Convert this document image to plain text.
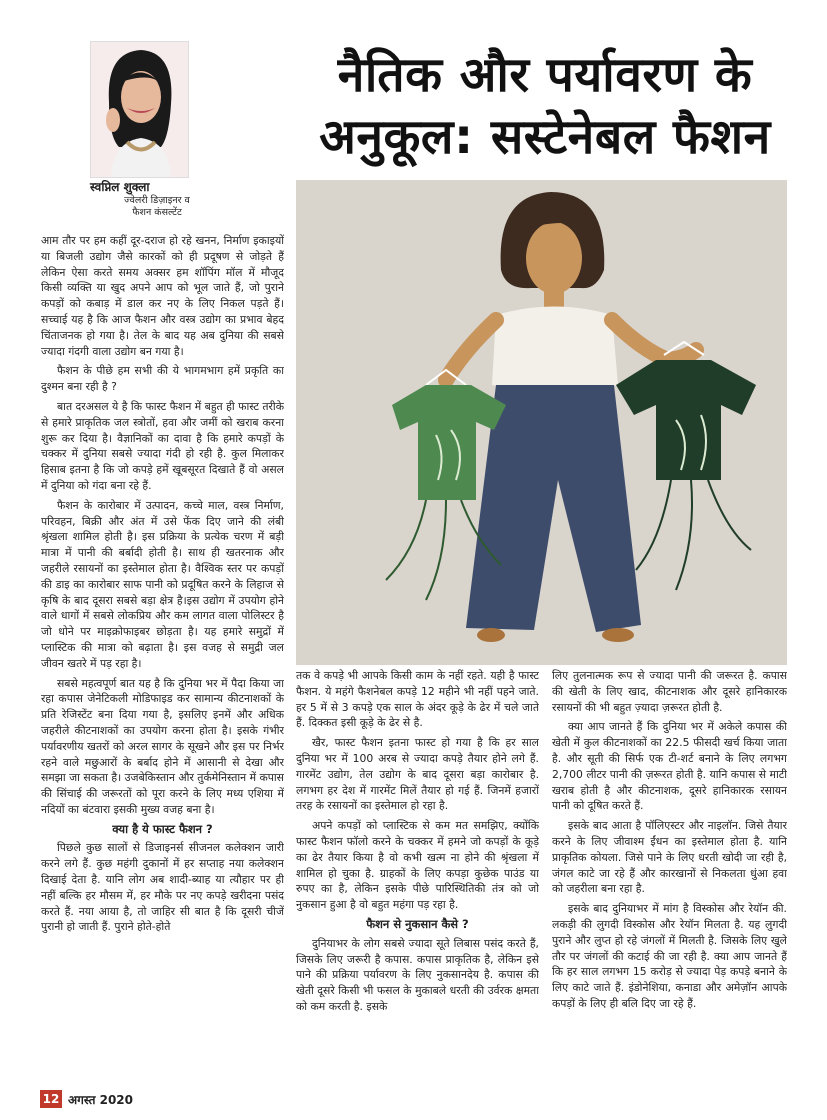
स्वप्निल शुक्ला
ज्वेलरी डिज़ाइनर व फैशन कंसल्टेंट
नैतिक और पर्यावरण के अनुकूल: सस्टेनेबल फैशन

आम तौर पर हम कहीं दूर-दराज हो रहे खनन, निर्माण इकाइयों या बिजली उद्योग जैसे कारकों को ही प्रदूषण से जोड़ते हैं लेकिन ऐसा करते समय अक्सर हम शॉपिंग मॉल में मौजूद किसी व्यक्ति या खुद अपने आप को भूल जाते हैं, जो पुराने कपड़ों को कबाड़ में डाल कर नए के लिए निकल पड़ते हैं। सच्चाई यह है कि आज फैशन और वस्त्र उद्योग का प्रभाव बेहद चिंताजनक हो गया है। तेल के बाद यह अब दुनिया की सबसे ज्यादा गंदगी वाला उद्योग बन गया है।

फैशन के पीछे हम सभी की ये भागमभाग हमें प्रकृति का दुश्मन बना रही है ?

बात दरअसल ये है कि फास्ट फैशन में बहुत ही फास्ट तरीके से हमारे प्राकृतिक जल स्त्रोतों, हवा और जमीं को खराब करना शुरू कर दिया है। वैज्ञानिकों का दावा है कि हमारे कपड़ों के चक्कर में दुनिया सबसे ज्यादा गंदी हो रही है. कुल मिलाकर हिसाब इतना है कि जो कपड़े हमें खूबसूरत दिखाते हैं वो असल में दुनिया को गंदा बना रहे हैं.

फैशन के कारोबार में उत्पादन, कच्चे माल, वस्त्र निर्माण, परिवहन, बिक्री और अंत में उसे फेंक दिए जाने की लंबी श्रृंखला शामिल होती है। इस प्रक्रिया के प्रत्येक चरण में बड़ी मात्रा में पानी की बर्बादी होती है। साथ ही खतरनाक और जहरीले रसायनों का इस्तेमाल होता है। वैश्विक स्तर पर कपड़ों की डाइ का कारोबार साफ पानी को प्रदूषित करने के लिहाज से कृषि के बाद दूसरा सबसे बड़ा क्षेत्र है।इस उद्योग में उपयोग होने वाले धागों में सबसे लोकप्रिय और कम लागत वाला पोलिस्टर है जो धोने पर माइक्रोफाइबर छोड़ता है। यह हमारे समुद्रों में प्लास्टिक की मात्रा को बढ़ाता है। इस वजह से समुद्री जल जीवन खतरे में पड़ रहा है।

सबसे महत्वपूर्ण बात यह है कि दुनिया भर में पैदा किया जा रहा कपास जेनेटिकली मोडिफाइड कर सामान्य कीटनाशकों के प्रति रेजिस्टेंट बना दिया गया है, इसलिए इनमें और अधिक जहरीले कीटनाशकों का उपयोग करना होता है। इसके गंभीर पर्यावरणीय खतरों को अरल सागर के सूखने और इस पर निर्भर रहने वाले मछुआरों के बर्बाद होने में आसानी से देखा और समझा जा सकता है। उजबेकिस्तान और तुर्कमेनिस्तान में कपास की सिंचाई की जरूरतों को पूरा करने के लिए मध्य एशिया में नदियों का बंटवारा इसकी मुख्य वजह बना है।

क्या है ये फास्ट फैशन ?

पिछले कुछ सालों से डिजाइनर्स सीजनल कलेक्शन जारी करने लगे हैं. कुछ महंगी दुकानों में हर सप्ताह नया कलेक्शन दिखाई देता है. यानि लोग अब शादी-ब्याह या त्यौहार पर ही नहीं बल्कि हर मौसम में, हर मौके पर नए कपड़े खरीदना पसंद करते हैं. नया आया है, तो जाहिर सी बात है कि दूसरी चीजें पुरानी हो जाती हैं. पुराने होते-होते

तक वे कपड़े भी आपके किसी काम के नहीं रहते. यही है फास्ट फैशन. ये महंगे फैशनेबल कपड़े 12 महीने भी नहीं पहने जाते. हर 5 में से 3 कपड़े एक साल के अंदर कूड़े के ढेर में चले जाते हैं. दिक्कत इसी कूड़े के ढेर से है.

खैर, फास्ट फैशन इतना फास्ट हो गया है कि हर साल दुनिया भर में 100 अरब से ज्यादा कपड़े तैयार होने लगे हैं. गारमेंट उद्योग, तेल उद्योग के बाद दूसरा बड़ा कारोबार है. लगभग हर देश में गारमेंट मिलें तैयार हो गई हैं. जिनमें हजारों तरह के रसायनों का इस्तेमाल हो रहा है.

अपने कपड़ों को प्लास्टिक से कम मत समझिए, क्योंकि फास्ट फैशन फॉलो करने के चक्कर में हमने जो कपड़ों के कूड़े का ढेर तैयार किया है वो कभी खत्म ना होने की श्रृंखला में शामिल हो चुका है. ग्राहकों के लिए कपड़ा कुछेक पाउंड या रुपए का है, लेकिन इसके पीछे पारिस्थितिकी तंत्र को जो नुकसान हुआ है वो बहुत महंगा पड़ रहा है.

फैशन से नुकसान कैसे ?

दुनियाभर के लोग सबसे ज्यादा सूते लिबास पसंद करते हैं, जिसके लिए जरूरी है कपास. कपास प्राकृतिक है, लेकिन इसे पाने की प्रक्रिया पर्यावरण के लिए नुकसानदेय है. कपास की खेती दूसरे किसी भी फसल के मुकाबले धरती की उर्वरक क्षमता को कम करती है. इसके

लिए तुलनात्मक रूप से ज्यादा पानी की जरूरत है. कपास की खेती के लिए खाद, कीटनाशक और दूसरे हानिकारक रसायनों की भी बहुत ज़्यादा ज़रूरत होती है.

क्या आप जानते हैं कि दुनिया भर में अकेले कपास की खेती में कुल कीटनाशकों का 22.5 फीसदी खर्च किया जाता है. और सूती की सिर्फ एक टी-शर्ट बनाने के लिए लगभग 2,700 लीटर पानी की ज़रूरत होती है. यानि कपास से माटी खराब होती है और कीटनाशक, दूसरे हानिकारक रसायन पानी को दूषित करते हैं.

इसके बाद आता है पॉलिएस्टर और नाइलॉन. जिसे तैयार करने के लिए जीवाश्म ईंधन का इस्तेमाल होता है. यानि प्राकृतिक कोयला. जिसे पाने के लिए धरती खोदी जा रही है, जंगल काटे जा रहे हैं और कारखानों से निकलता धुंआ हवा को जहरीला बना रहा है.

इसके बाद दुनियाभर में मांग है विस्कोस और रेयॉन की. लकड़ी की लुगदी विस्कोस और रेयॉन मिलता है. यह लुगदी पुराने और लुप्त हो रहे जंगलों में मिलती है. जिसके लिए खुले तौर पर जंगलों की कटाई की जा रही है. क्या आप जानते हैं कि हर साल लगभग 15 करोड़ से ज्यादा पेड़ कपड़े बनाने के लिए काटे जाते हैं. इंडोनेशिया, कनाडा और अमेज़ॉन आपके कपड़ों के लिए ही बलि दिए जा रहे हैं.

12 अगस्त 2020
